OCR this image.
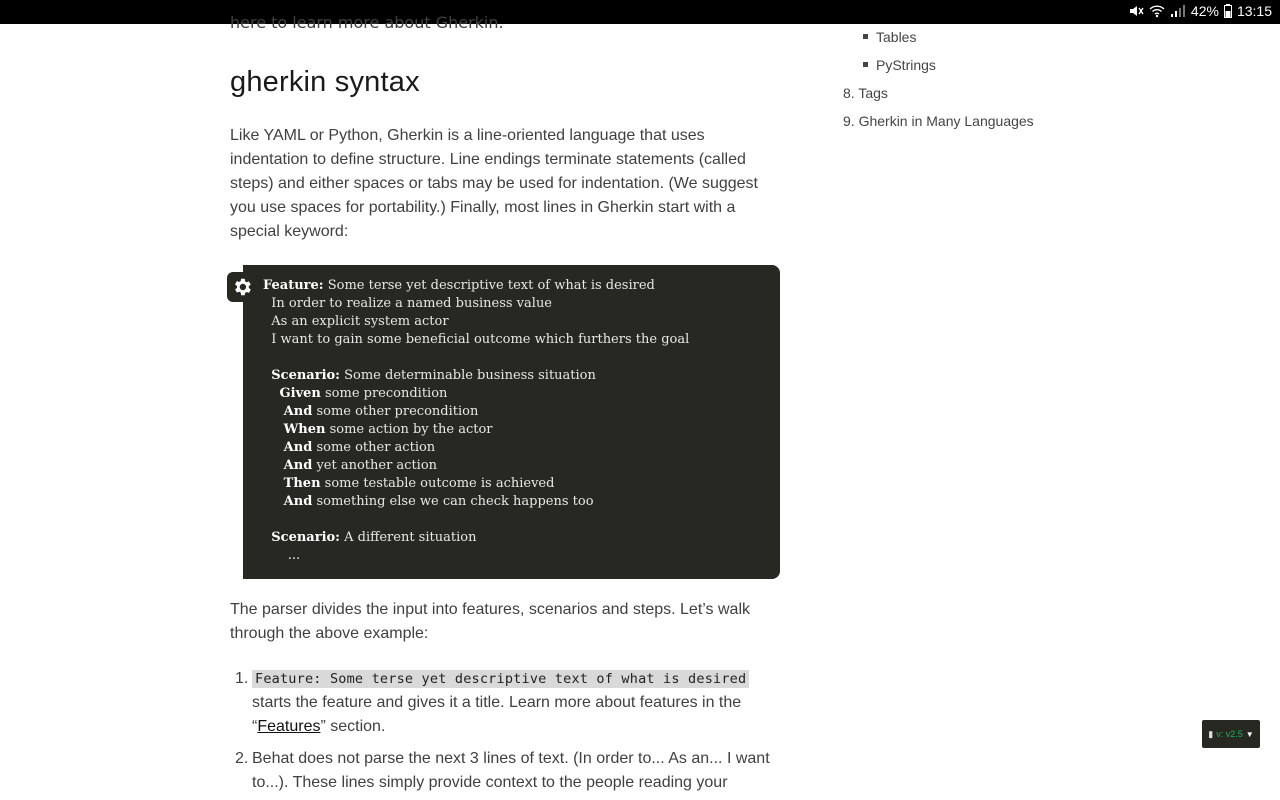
42% 13:15
here to learn more about Gherkin.
gherkin syntax

Like YAML or Python, Gherkin is a line-oriented language that uses indentation to define structure. Line endings terminate statements (called steps) and either spaces or tabs may be used for indentation. (We suggest you use spaces for portability.) Finally, most lines in Gherkin start with a special keyword:

Feature: Some terse yet descriptive text of what is desired
In order to realize a named business value
As an explicit system actor
I want to gain some beneficial outcome which furthers the goal
Scenario: Some determinable business situation
Given some precondition
And some other precondition
When some action by the actor
And some other action
And yet another action
Then some testable outcome is achieved
And something else we can check happens too
Scenario: A different situation
...

The parser divides the input into features, scenarios and steps. Let’s walk through the above example:

1. Feature: Some terse yet descriptive text of what is desired starts the feature and gives it a title. Learn more about features in the “Features” section.
2. Behat does not parse the next 3 lines of text. (In order to... As an... I want to...). These lines simply provide context to the people reading your
Tables
PyStrings
8. Tags
9. Gherkin in Many Languages
▮ v: v2.5 ▼
